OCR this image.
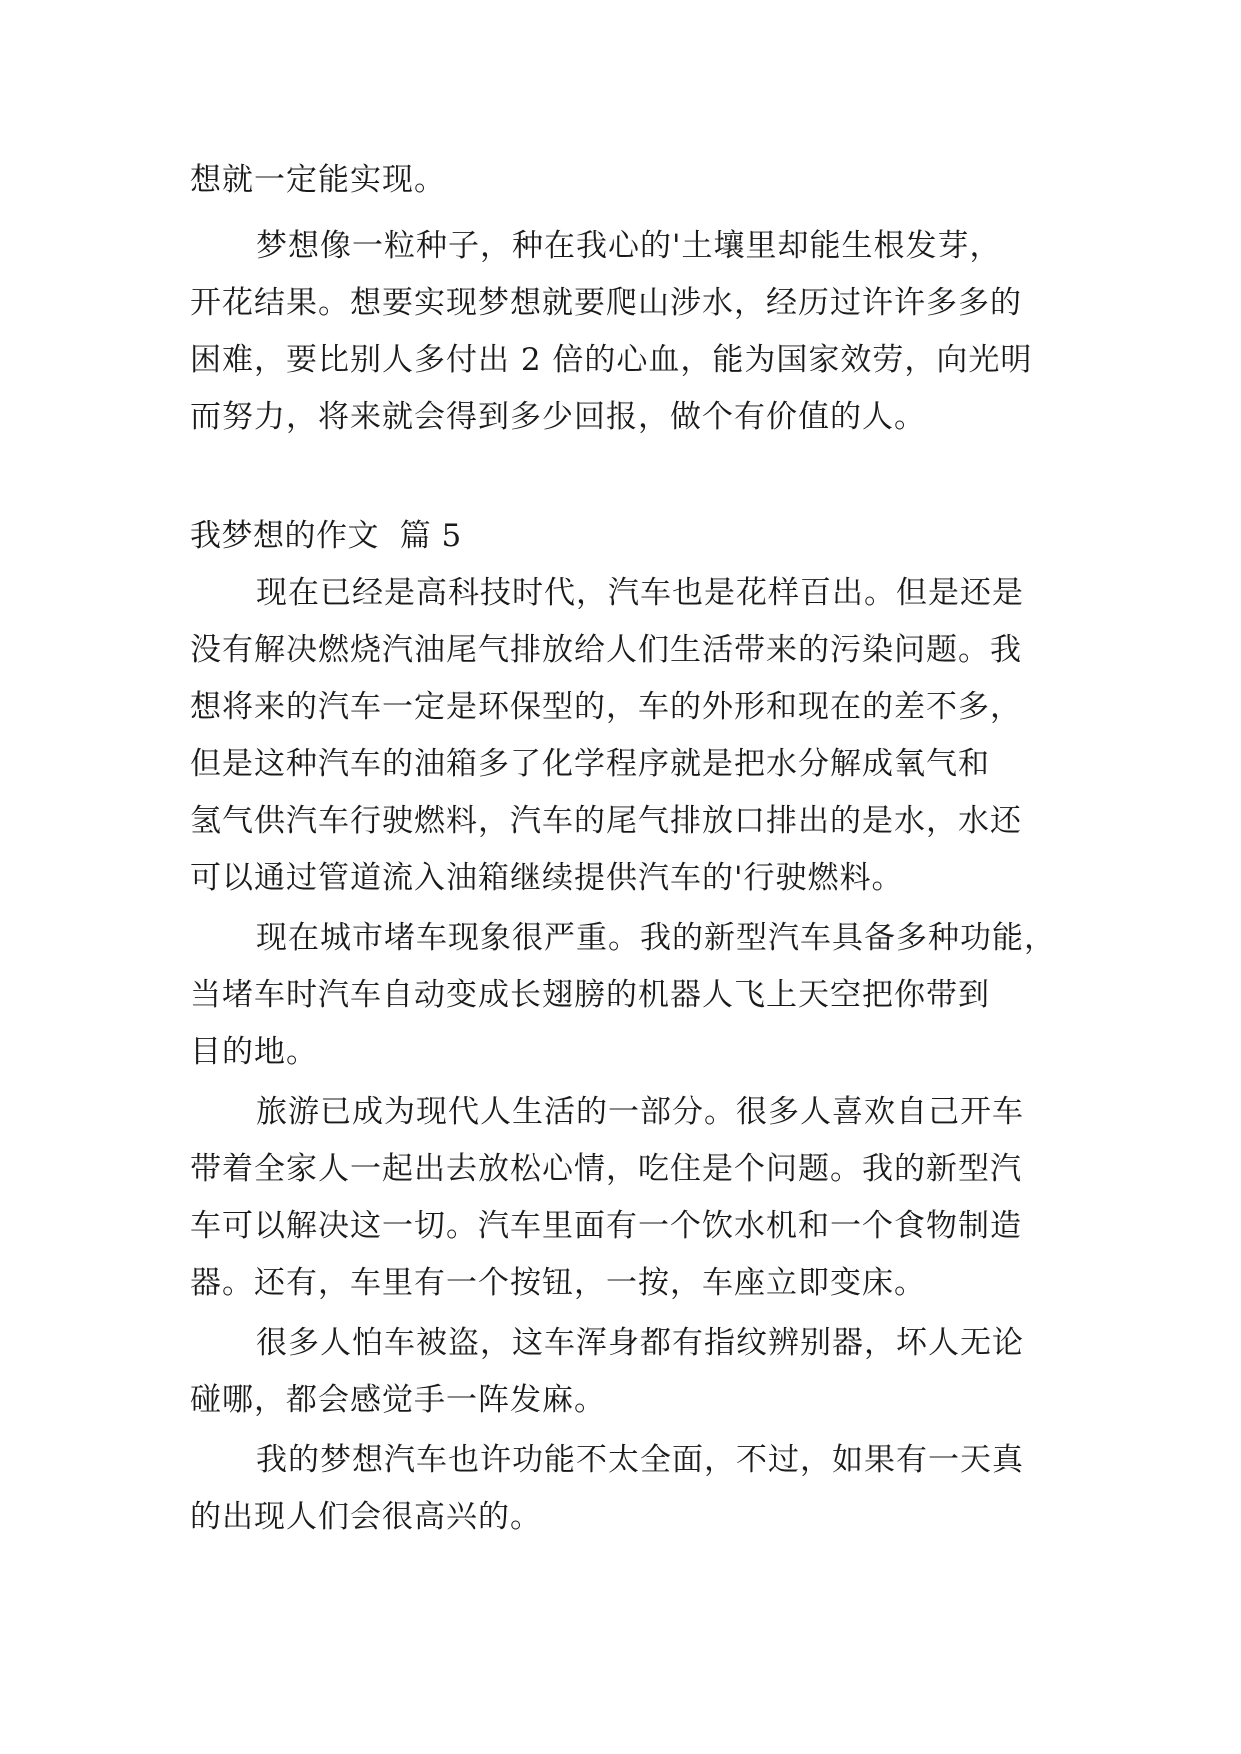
想就一定能实现。

梦想像一粒种子，种在我心的'土壤里却能生根发芽，

开花结果。想要实现梦想就要爬山涉水，经历过许许多多的

困难，要比别人多付出 2 倍的心血，能为国家效劳，向光明

而努力，将来就会得到多少回报，做个有价值的人。

我梦想的作文  篇 5

现在已经是高科技时代，汽车也是花样百出。但是还是

没有解决燃烧汽油尾气排放给人们生活带来的污染问题。我

想将来的汽车一定是环保型的，车的外形和现在的差不多，

但是这种汽车的油箱多了化学程序就是把水分解成氧气和

氢气供汽车行驶燃料，汽车的尾气排放口排出的是水，水还

可以通过管道流入油箱继续提供汽车的'行驶燃料。

现在城市堵车现象很严重。我的新型汽车具备多种功能，

当堵车时汽车自动变成长翅膀的机器人飞上天空把你带到

目的地。

旅游已成为现代人生活的一部分。很多人喜欢自己开车

带着全家人一起出去放松心情，吃住是个问题。我的新型汽

车可以解决这一切。汽车里面有一个饮水机和一个食物制造

器。还有，车里有一个按钮，一按，车座立即变床。

很多人怕车被盗，这车浑身都有指纹辨别器，坏人无论

碰哪，都会感觉手一阵发麻。

我的梦想汽车也许功能不太全面，不过，如果有一天真

的出现人们会很高兴的。
